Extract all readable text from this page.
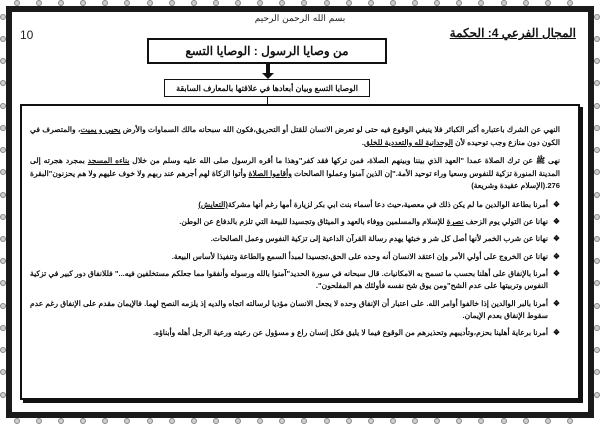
بسم الله الرحمن الرحيم
10	المجال الفرعي 4: الحكمة
من وصايا الرسول : الوصايا التسع
الوصايا التسع وبيان أبعادها في علاقتها بالمعارف السابقة

النهي عن الشرك باعتباره أكبر الكبائر فلا ينبغي الوقوع فيه حتى لو تعرض الانسان للقتل أو التحريق،فكون الله سبحانه مالك السماوات والأرض يحيي و يميت، والمتصرف في الكون دون منازع وجب توحيده لأن الوحدانية لله والتعددية للخلق.

نهى ﷺ عن ترك الصلاة عمدا "العهد الذي بيننا وبينهم الصلاة، فمن تركها فقد كفر"وهذا ما أقره الرسول صلى الله عليه وسلم من خلال بناءه المسجد بمجرد هجرته إلى المدينة المنورة تزكية للنفوس وسعيا وراء توحيد الأمة."إن الذين آمنوا وعملوا الصالحات وأقاموا الصلاة وأتوا الزكاة لهم أجرهم عند ربهم ولا خوف عليهم ولا هم يحزنون"البقرة 276.(الإسلام عقيدة وشريعة)

❖
أمرنا بطاعة الوالدين ما لم يكن ذلك في معصية،حيث دعا أسماء بنت ابي بكر لزيارة أمها رغم أنها مشركة(التعايش)
❖
نهانا عن التولي يوم الزحف نصرة للإسلام والمسلمين ووفاء بالعهد و الميثاق وتجسيدا للبيعة التي تلزم بالدفاع عن الوطن.
❖
نهانا عن شرب الخمر لأنها أصل كل شر و خبثها يهدم رسالة القرآن الداعية إلى تزكية النفوس وعمل الصالحات.
❖
نهانا عن الخروج على أولي الأمر وإن اعتقد الانسان أنه وحده على الحق،تجسيدا لمبدأ السمع والطاعة وتنفيذا لأساس البيعة.
❖
أمرنا بالإنفاق على أهلنا بحسب ما تسمح به الامكانيات. قال سبحانه في سورة الحديد"آمنوا بالله ورسوله وأنفقوا مما جعلكم مستخلفين فيه..." فللانفاق دور كبير في تزكية النفوس وتربيتها على عدم الشح"ومن يوق شح نفسه فأولئك هم المفلحون".
❖
أمرنا بالبر الوالدين إذا خالفوا أوامر الله. على اعتبار أن الإنفاق وحده لا يجعل الانسان مؤديا لرسالته اتجاه والديه إذ يلزمه النصح لهما. فالإيمان مقدم على الإنفاق رغم عدم سقوط الإنفاق بعدم الإيمان.
❖
أمرنا برعاية أهلينا بحزم،وتأديبهم وتحذيرهم من الوقوع فيما لا يليق فكل إنسان راع و مسؤول عن رعيته ورعية الرجل أهله وأبناؤه.
